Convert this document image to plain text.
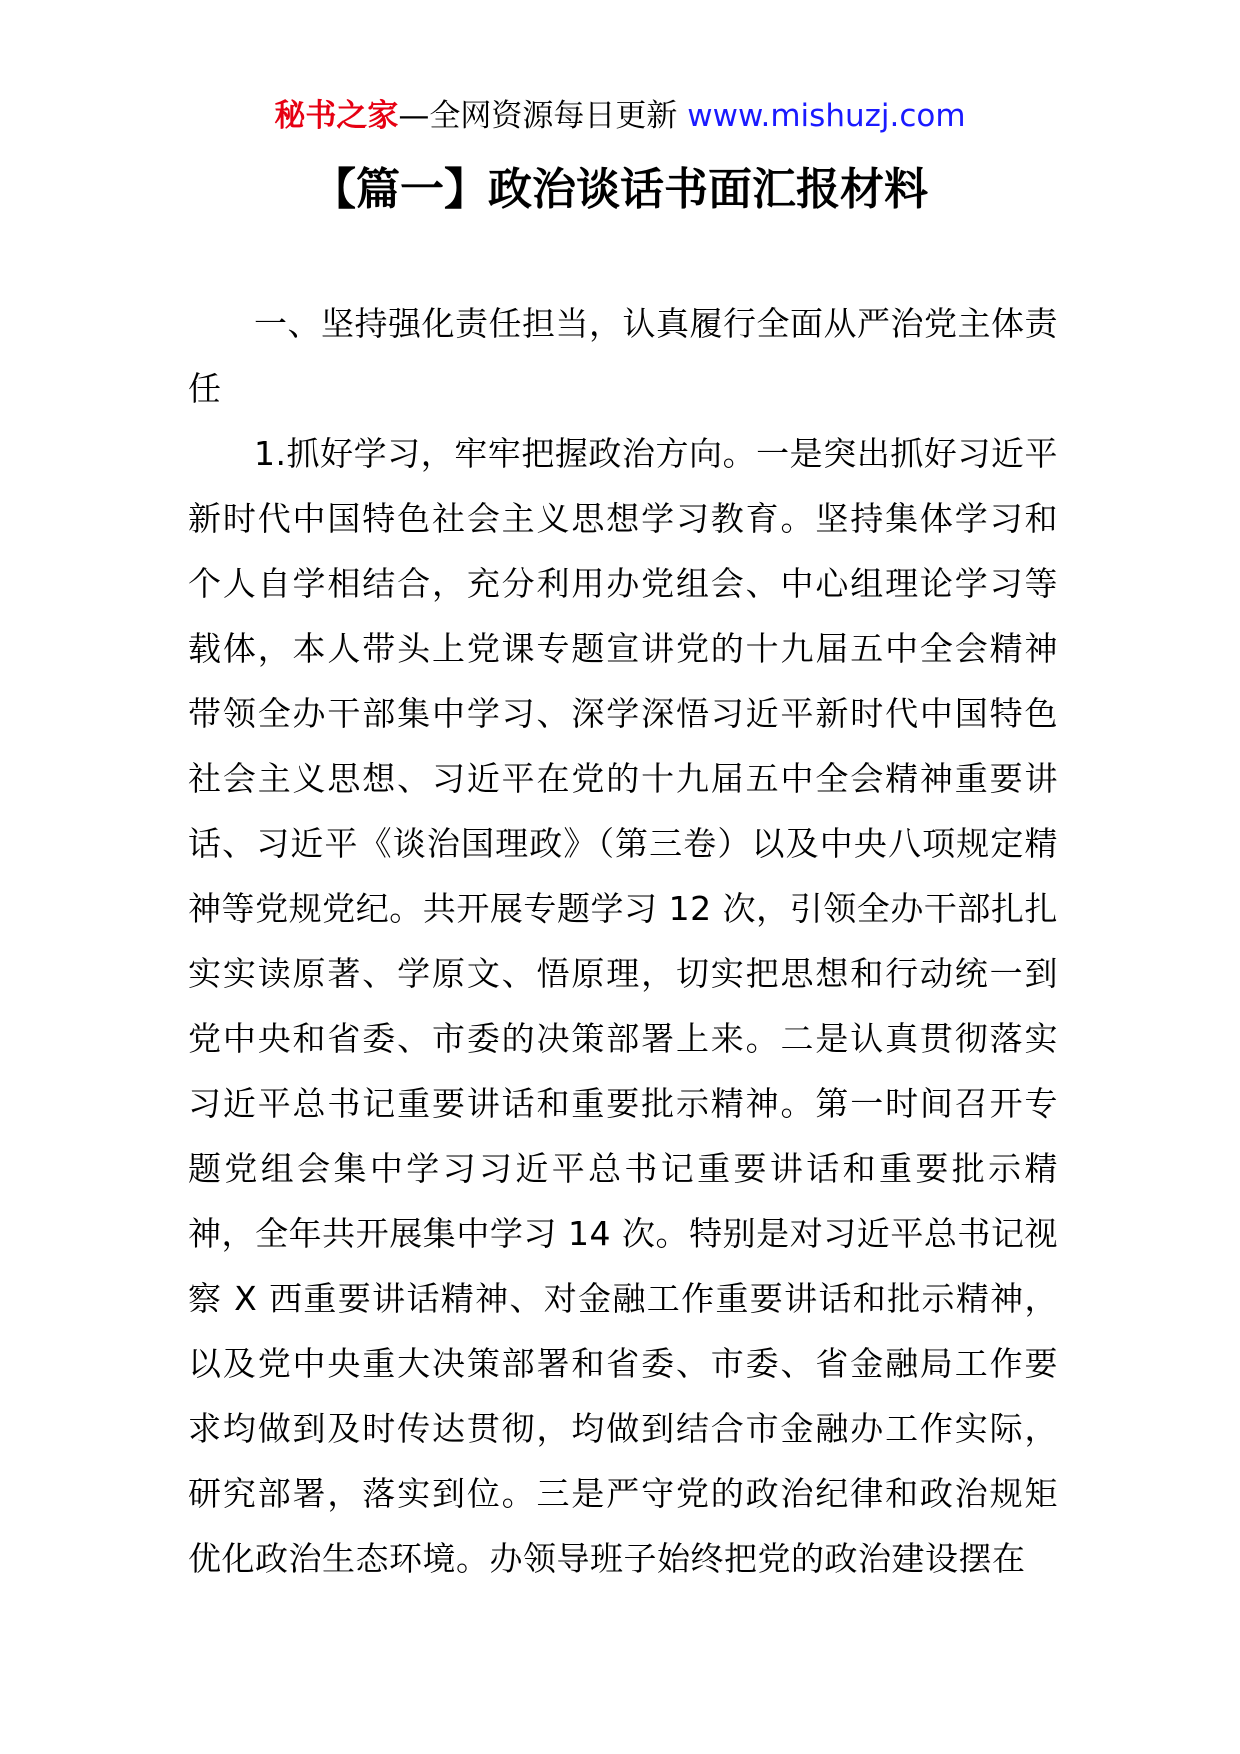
秘书之家—全网资源每日更新 www.mishuzj.com
【篇一】政治谈话书面汇报材料

一、坚持强化责任担当，认真履行全面从严治党主体责任

1.抓好学习，牢牢把握政治方向。一是突出抓好习近平新时代中国特色社会主义思想学习教育。坚持集体学习和个人自学相结合，充分利用办党组会、中心组理论学习等载体，本人带头上党课专题宣讲党的十九届五中全会精神带领全办干部集中学习、深学深悟习近平新时代中国特色社会主义思想、习近平在党的十九届五中全会精神重要讲话、习近平《谈治国理政》（第三卷）以及中央八项规定精神等党规党纪。共开展专题学习 12 次，引领全办干部扎扎实实读原著、学原文、悟原理，切实把思想和行动统一到党中央和省委、市委的决策部署上来。二是认真贯彻落实习近平总书记重要讲话和重要批示精神。第一时间召开专题党组会集中学习习近平总书记重要讲话和重要批示精神，全年共开展集中学习 14 次。特别是对习近平总书记视察 X 西重要讲话精神、对金融工作重要讲话和批示精神，以及党中央重大决策部署和省委、市委、省金融局工作要求均做到及时传达贯彻，均做到结合市金融办工作实际，研究部署，落实到位。三是严守党的政治纪律和政治规矩优化政治生态环境。办领导班子始终把党的政治建设摆在
